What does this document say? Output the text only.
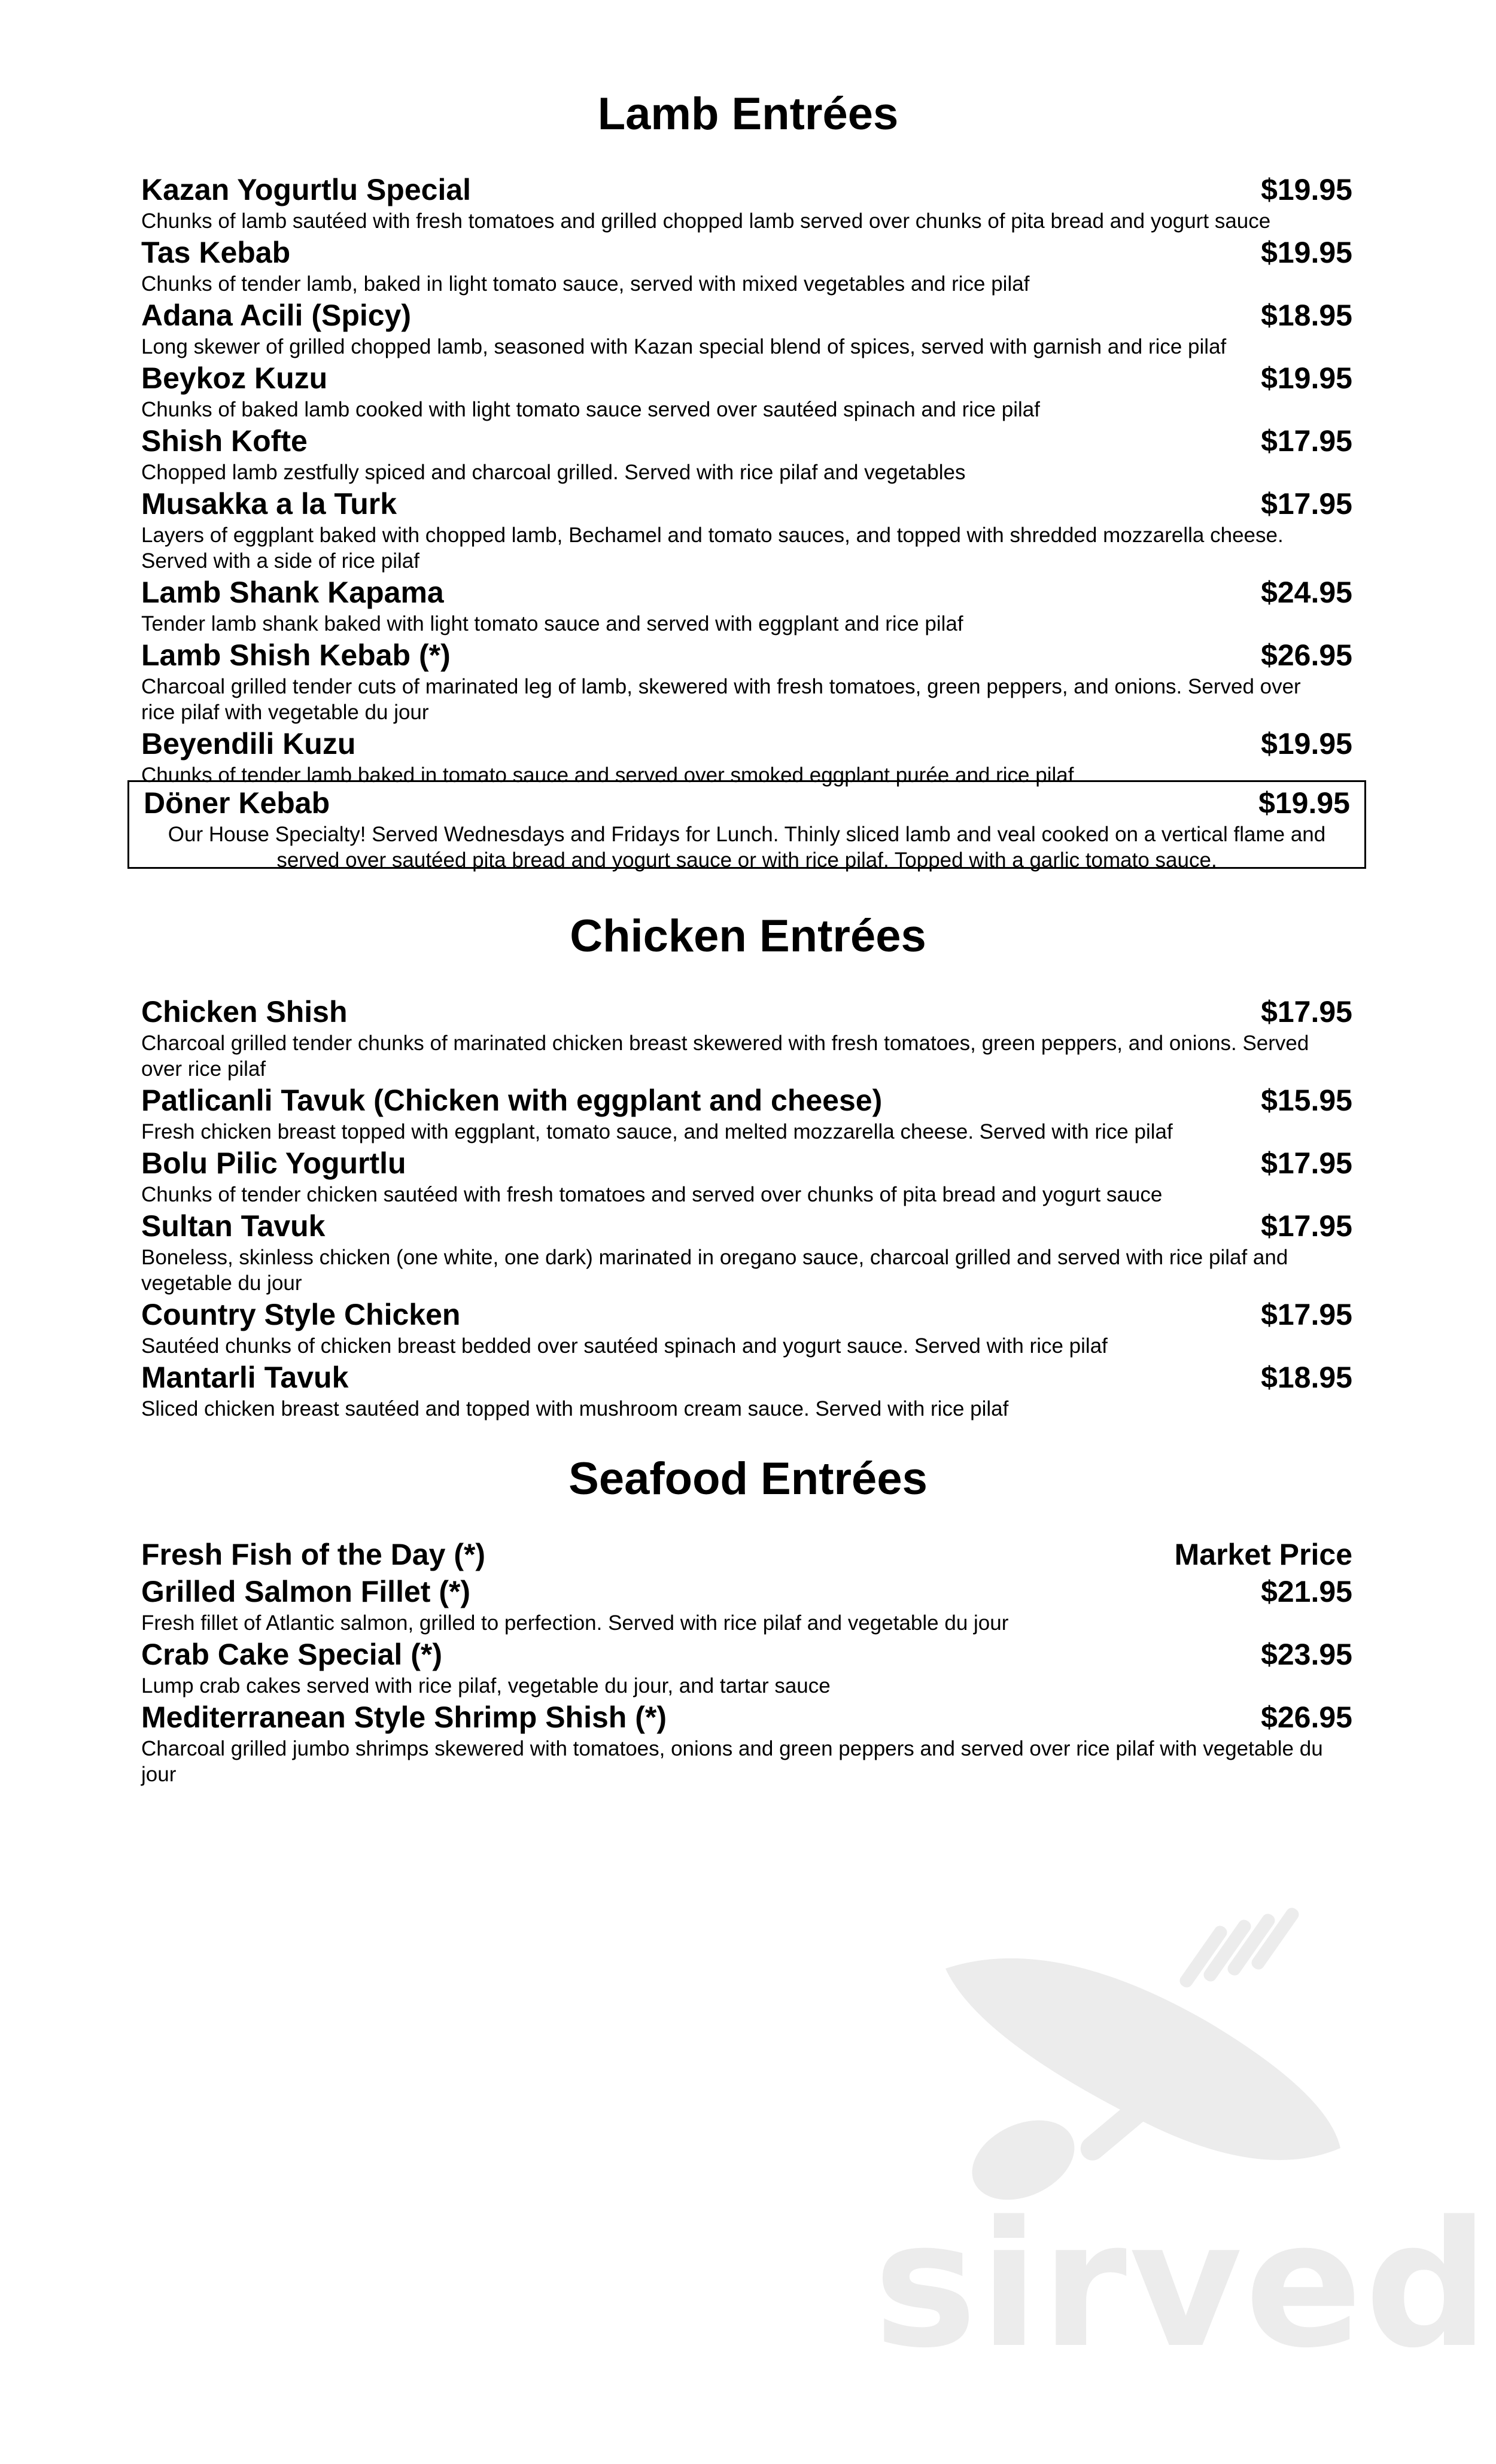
Lamb Entrées
Kazan Yogurtlu Special	$19.95

Chunks of lamb sautéed with fresh tomatoes and grilled chopped lamb served over chunks of pita bread and yogurt sauce

Tas Kebab	$19.95

Chunks of tender lamb, baked in light tomato sauce, served with mixed vegetables and rice pilaf

Adana Acili (Spicy)	$18.95

Long skewer of grilled chopped lamb, seasoned with Kazan special blend of spices, served with garnish and rice pilaf

Beykoz Kuzu	$19.95

Chunks of baked lamb cooked with light tomato sauce served over sautéed spinach and rice pilaf

Shish Kofte	$17.95

Chopped lamb zestfully spiced and charcoal grilled. Served with rice pilaf and vegetables

Musakka a la Turk	$17.95

Layers of eggplant baked with chopped lamb, Bechamel and tomato sauces, and topped with shredded mozzarella cheese. Served with a side of rice pilaf

Lamb Shank Kapama	$24.95

Tender lamb shank baked with light tomato sauce and served with eggplant and rice pilaf

Lamb Shish Kebab (*)	$26.95

Charcoal grilled tender cuts of marinated leg of lamb, skewered with fresh tomatoes, green peppers, and onions. Served over rice pilaf with vegetable du jour

Beyendili Kuzu	$19.95

Chunks of tender lamb baked in tomato sauce and served over smoked eggplant purée and rice pilaf

Döner Kebab	$19.95

Our House Specialty! Served Wednesdays and Fridays for Lunch. Thinly sliced lamb and veal cooked on a vertical flame and served over sautéed pita bread and yogurt sauce or with rice pilaf. Topped with a garlic tomato sauce.

Chicken Entrées
Chicken Shish	$17.95

Charcoal grilled tender chunks of marinated chicken breast skewered with fresh tomatoes, green peppers, and onions. Served over rice pilaf

Patlicanli Tavuk (Chicken with eggplant and cheese)	$15.95

Fresh chicken breast topped with eggplant, tomato sauce, and melted mozzarella cheese. Served with rice pilaf

Bolu Pilic Yogurtlu	$17.95

Chunks of tender chicken sautéed with fresh tomatoes and served over chunks of pita bread and yogurt sauce

Sultan Tavuk	$17.95

Boneless, skinless chicken (one white, one dark) marinated in oregano sauce, charcoal grilled and served with rice pilaf and vegetable du jour

Country Style Chicken	$17.95

Sautéed chunks of chicken breast bedded over sautéed spinach and yogurt sauce. Served with rice pilaf

Mantarli Tavuk	$18.95

Sliced chicken breast sautéed and topped with mushroom cream sauce. Served with rice pilaf

Seafood Entrées
Fresh Fish of the Day (*)	Market Price
Grilled Salmon Fillet (*)	$21.95

Fresh fillet of Atlantic salmon, grilled to perfection. Served with rice pilaf and vegetable du jour

Crab Cake Special (*)	$23.95

Lump crab cakes served with rice pilaf, vegetable du jour, and tartar sauce

Mediterranean Style Shrimp Shish (*)	$26.95

Charcoal grilled jumbo shrimps skewered with tomatoes, onions and green peppers and served over rice pilaf with vegetable du jour

sirved
